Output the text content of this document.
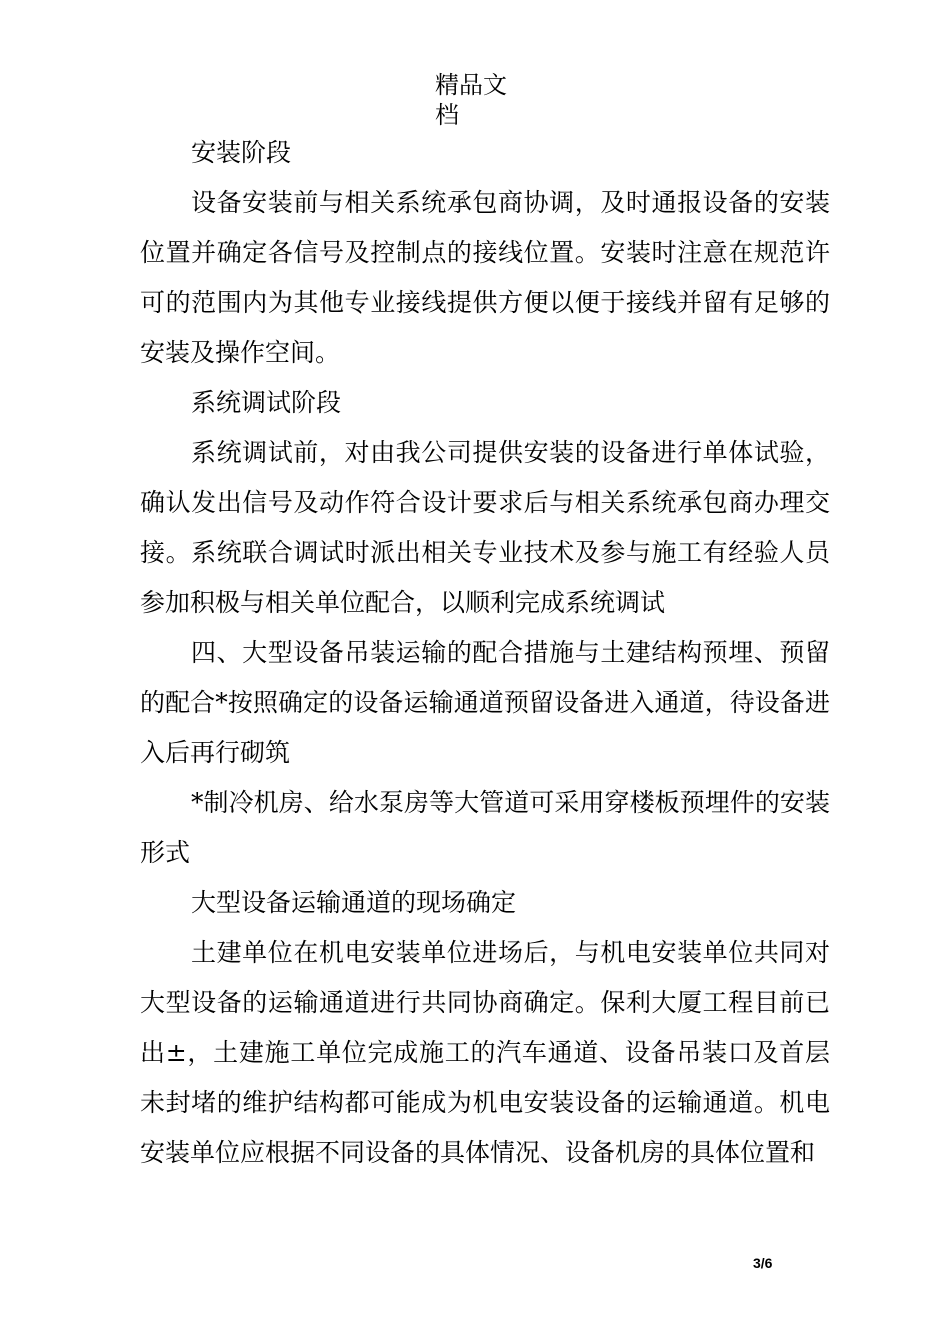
精品文档

安装阶段

设备安装前与相关系统承包商协调，及时通报设备的安装位置并确定各信号及控制点的接线位置。安装时注意在规范许可的范围内为其他专业接线提供方便以便于接线并留有足够的安装及操作空间。

系统调试阶段

系统调试前，对由我公司提供安装的设备进行单体试验，确认发出信号及动作符合设计要求后与相关系统承包商办理交接。系统联合调试时派出相关专业技术及参与施工有经验人员参加积极与相关单位配合，以顺利完成系统调试

四、大型设备吊装运输的配合措施与土建结构预埋、预留的配合*按照确定的设备运输通道预留设备进入通道，待设备进入后再行砌筑

*制冷机房、给水泵房等大管道可采用穿楼板预埋件的安装形式

大型设备运输通道的现场确定

土建单位在机电安装单位进场后，与机电安装单位共同对大型设备的运输通道进行共同协商确定。保利大厦工程目前已出±，土建施工单位完成施工的汽车通道、设备吊装口及首层未封堵的维护结构都可能成为机电安装设备的运输通道。机电安装单位应根据不同设备的具体情况、设备机房的具体位置和

3/6
